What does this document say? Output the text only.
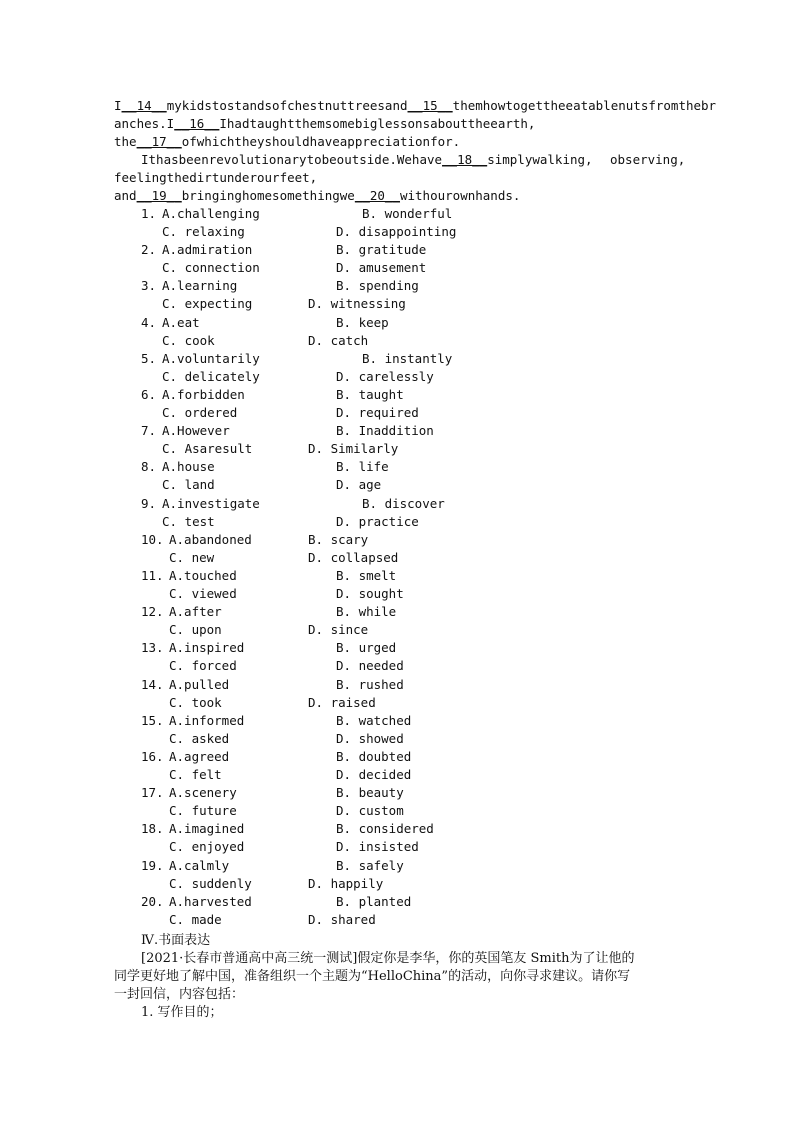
I__14__mykidstostandsofchestnuttreesand__15__themhowtogettheeatablenutsfromthebr
anches.I__16__Ihadtaughtthemsomebiglessonsabouttheearth,
the__17__ofwhichtheyshouldhaveappreciationfor.
Ithasbeenrevolutionarytobeoutside.Wehave__18__simplywalking, observing,
feelingthedirtunderourfeet,
and__19__bringinghomesomethingwe__20__withourownhands.
1. A.challenging	B. wonderful
C. relaxing	D. disappointing
2. A.admiration	B. gratitude
C. connection	D. amusement
3. A.learning	B. spending
C. expecting	D. witnessing
4. A.eat	B. keep
C. cook	D. catch
5. A.voluntarily	B. instantly
C. delicately	D. carelessly
6. A.forbidden	B. taught
C. ordered	D. required
7. A.However	B. Inaddition
C. Asaresult	D. Similarly
8. A.house	B. life
C. land	D. age
9. A.investigate	B. discover
C. test	D. practice
10. A.abandoned	B. scary
C. new	D. collapsed
11. A.touched	B. smelt
C. viewed	D. sought
12. A.after	B. while
C. upon	D. since
13. A.inspired	B. urged
C. forced	D. needed
14. A.pulled	B. rushed
C. took	D. raised
15. A.informed	B. watched
C. asked	D. showed
16. A.agreed	B. doubted
C. felt	D. decided
17. A.scenery	B. beauty
C. future	D. custom
18. A.imagined	B. considered
C. enjoyed	D. insisted
19. A.calmly	B. safely
C. suddenly	D. happily
20. A.harvested	B. planted
C. made	D. shared
Ⅳ.书面表达
[2021·长春市普通高中高三统一测试]假定你是李华，你的英国笔友 Smith为了让他的
同学更好地了解中国，准备组织一个主题为“HelloChina”的活动，向你寻求建议。请你写
一封回信，内容包括：
1. 写作目的；
